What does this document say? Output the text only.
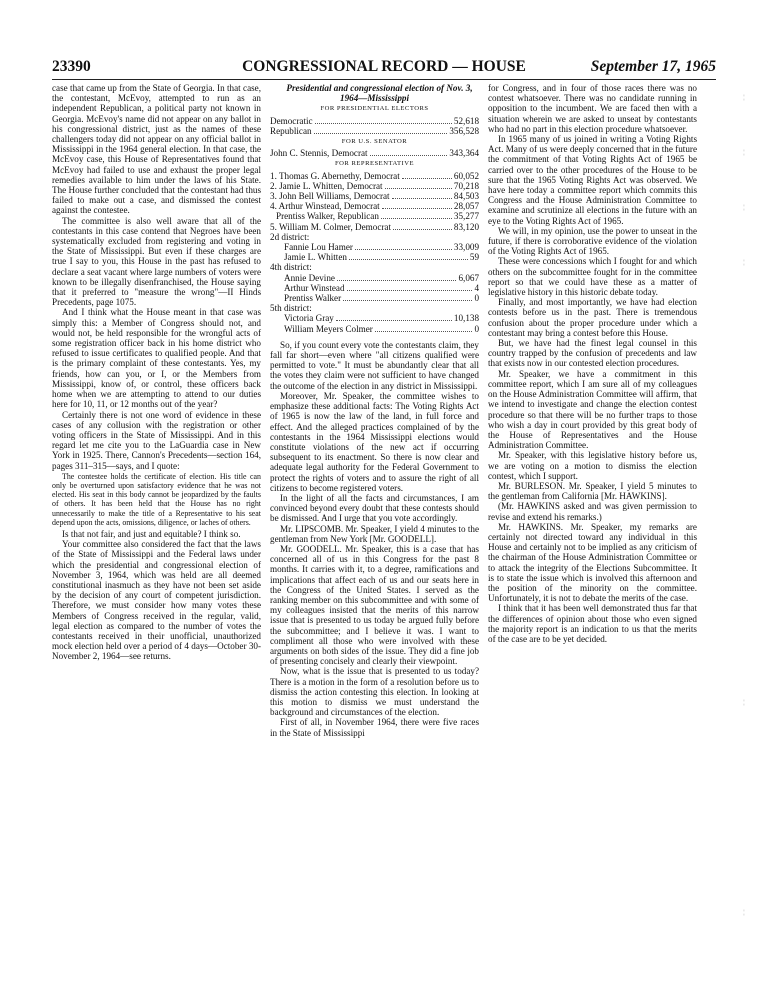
23390	CONGRESSIONAL RECORD — HOUSE	September 17, 1965

case that came up from the State of Georgia. In that case, the contestant, McEvoy, attempted to run as an independent Republican, a political party not known in Georgia. McEvoy's name did not appear on any ballot in his congressional district, just as the names of these challengers today did not appear on any official ballot in Mississippi in the 1964 general election. In that case, the McEvoy case, this House of Representatives found that McEvoy had failed to use and exhaust the proper legal remedies available to him under the laws of his State. The House further concluded that the contestant had thus failed to make out a case, and dismissed the contest against the contestee.

The committee is also well aware that all of the contestants in this case contend that Negroes have been systematically excluded from registering and voting in the State of Mississippi. But even if these charges are true I say to you, this House in the past has refused to declare a seat vacant where large numbers of voters were known to be illegally disenfranchised, the House saying that it preferred to "measure the wrong"—II Hinds Precedents, page 1075.

And I think what the House meant in that case was simply this: a Member of Congress should not, and would not, be held responsible for the wrongful acts of some registration officer back in his home district who refused to issue certificates to qualified people. And that is the primary complaint of these contestants. Yes, my friends, how can you, or I, or the Members from Mississippi, know of, or control, these officers back home when we are attempting to attend to our duties here for 10, 11, or 12 months out of the year?

Certainly there is not one word of evidence in these cases of any collusion with the registration or other voting officers in the State of Mississippi. And in this regard let me cite you to the LaGuardia case in New York in 1925. There, Cannon's Precedents—section 164, pages 311–315—says, and I quote:

The contestee holds the certificate of election. His title can only be overturned upon satisfactory evidence that he was not elected. His seat in this body cannot be jeopardized by the faults of others. It has been held that the House has no right unnecessarily to make the title of a Representative to his seat depend upon the acts, omissions, diligence, or laches of others.

Is that not fair, and just and equitable? I think so.

Your committee also considered the fact that the laws of the State of Mississippi and the Federal laws under which the presidential and congressional election of November 3, 1964, which was held are all deemed constitutional inasmuch as they have not been set aside by the decision of any court of competent jurisdiction. Therefore, we must consider how many votes these Members of Congress received in the regular, valid, legal election as compared to the number of votes the contestants received in their unofficial, unauthorized mock election held over a period of 4 days—October 30-November 2, 1964—see returns.

Presidential and congressional election of Nov. 3, 1964—Mississippi

FOR PRESIDENTIAL ELECTORS
Democratic	52,618
Republican	356,528
FOR U.S. SENATOR
John C. Stennis, Democrat	343,364
FOR REPRESENTATIVE
1. Thomas G. Abernethy, Democrat	60,052
2. Jamie L. Whitten, Democrat	70,218
3. John Bell Williams, Democrat	84,503
4. Arthur Winstead, Democrat	28,057
Prentiss Walker, Republican	35,277
5. William M. Colmer, Democrat	83,120
2d district:
Fannie Lou Hamer	33,009
Jamie L. Whitten	59
4th district:
Annie Devine	6,067
Arthur Winstead	4
Prentiss Walker	0
5th district:
Victoria Gray	10,138
William Meyers Colmer	0

So, if you count every vote the contestants claim, they fall far short—even where "all citizens qualified were permitted to vote." It must be abundantly clear that all the votes they claim were not sufficient to have changed the outcome of the election in any district in Mississippi.

Moreover, Mr. Speaker, the committee wishes to emphasize these additional facts: The Voting Rights Act of 1965 is now the law of the land, in full force and effect. And the alleged practices complained of by the contestants in the 1964 Mississippi elections would constitute violations of the new act if occurring subsequent to its enactment. So there is now clear and adequate legal authority for the Federal Government to protect the rights of voters and to assure the right of all citizens to become registered voters.

In the light of all the facts and circumstances, I am convinced beyond every doubt that these contests should be dismissed. And I urge that you vote accordingly.

Mr. LIPSCOMB. Mr. Speaker, I yield 4 minutes to the gentleman from New York [Mr. GOODELL].

Mr. GOODELL. Mr. Speaker, this is a case that has concerned all of us in this Congress for the past 8 months. It carries with it, to a degree, ramifications and implications that affect each of us and our seats here in the Congress of the United States. I served as the ranking member on this subcommittee and with some of my colleagues insisted that the merits of this narrow issue that is presented to us today be argued fully before the subcommittee; and I believe it was. I want to compliment all those who were involved with these arguments on both sides of the issue. They did a fine job of presenting concisely and clearly their viewpoint.

Now, what is the issue that is presented to us today? There is a motion in the form of a resolution before us to dismiss the action contesting this election. In looking at this motion to dismiss we must understand the background and circumstances of the election.

First of all, in November 1964, there were five races in the State of Mississippi

for Congress, and in four of those races there was no contest whatsoever. There was no candidate running in opposition to the incumbent. We are faced then with a situation wherein we are asked to unseat by contestants who had no part in this election procedure whatsoever.

In 1965 many of us joined in writing a Voting Rights Act. Many of us were deeply concerned that in the future the commitment of that Voting Rights Act of 1965 be carried over to the other procedures of the House to be sure that the 1965 Voting Rights Act was observed. We have here today a committee report which commits this Congress and the House Administration Committee to examine and scrutinize all elections in the future with an eye to the Voting Rights Act of 1965.

We will, in my opinion, use the power to unseat in the future, if there is corroborative evidence of the violation of the Voting Rights Act of 1965.

These were concessions which I fought for and which others on the subcommittee fought for in the committee report so that we could have these as a matter of legislative history in this historic debate today.

Finally, and most importantly, we have had election contests before us in the past. There is tremendous confusion about the proper procedure under which a contestant may bring a contest before this House.

But, we have had the finest legal counsel in this country trapped by the confusion of precedents and law that exists now in our contested election procedures.

Mr. Speaker, we have a commitment in this committee report, which I am sure all of my colleagues on the House Administration Committee will affirm, that we intend to investigate and change the election contest procedure so that there will be no further traps to those who wish a day in court provided by this great body of the House of Representatives and the House Administration Committee.

Mr. Speaker, with this legislative history before us, we are voting on a motion to dismiss the election contest, which I support.

Mr. BURLESON. Mr. Speaker, I yield 5 minutes to the gentleman from California [Mr. HAWKINS].

(Mr. HAWKINS asked and was given permission to revise and extend his remarks.)

Mr. HAWKINS. Mr. Speaker, my remarks are certainly not directed toward any individual in this House and certainly not to be implied as any criticism of the chairman of the House Administration Committee or to attack the integrity of the Elections Subcommittee. It is to state the issue which is involved this afternoon and the position of the minority on the committee. Unfortunately, it is not to debate the merits of the case.

I think that it has been well demonstrated thus far that the differences of opinion about those who even signed the majority report is an indication to us that the merits of the case are to be yet decided.

¦
¦
¦
¦
¦
¦
